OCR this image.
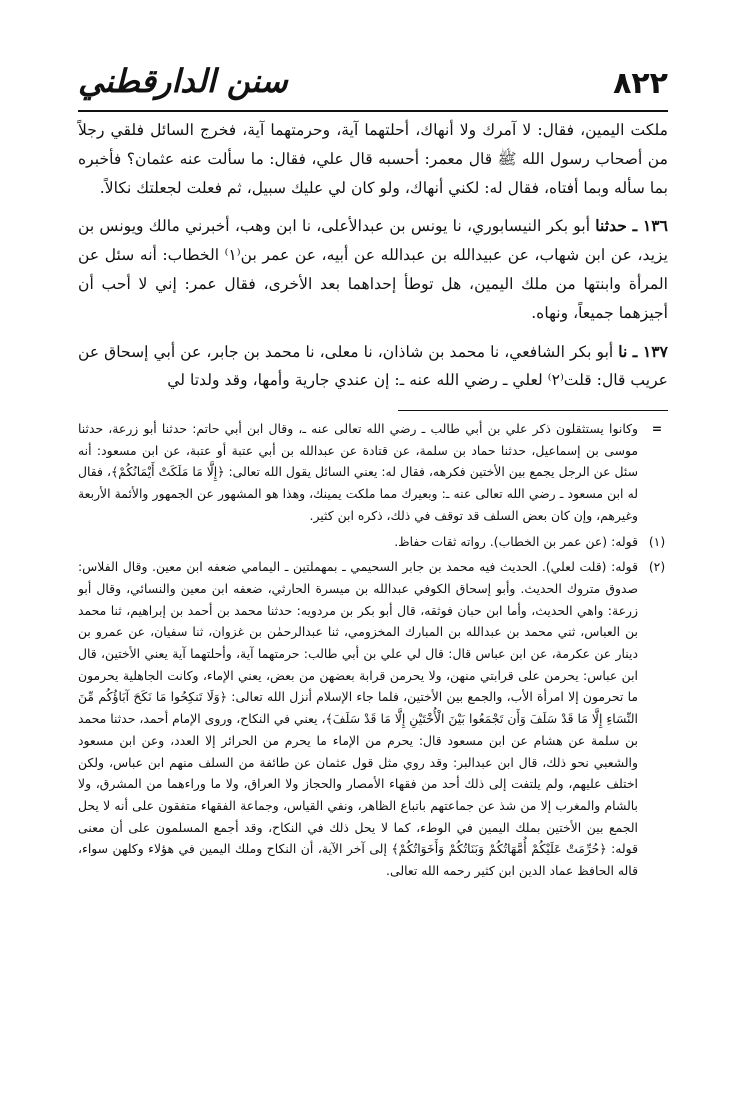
٨٢٢
سنن الدارقطني

ملكت اليمين، فقال: لا آمرك ولا أنهاك، أحلتهما آية، وحرمتهما آية، فخرج السائل فلقي رجلاً من أصحاب رسول الله ﷺ قال معمر: أحسبه قال علي، فقال: ما سألت عنه عثمان؟ فأخبره بما سأله وبما أفتاه، فقال له: لكني أنهاك، ولو كان لي عليك سبيل، ثم فعلت لجعلتك نكالاً.

١٣٦ ـ حدثنا أبو بكر النيسابوري، نا يونس بن عبدالأعلى، نا ابن وهب، أخبرني مالك ويونس بن يزيد، عن ابن شهاب، عن عبيدالله بن عبدالله عن أبيه، عن عمر بن⁽١⁾ الخطاب: أنه سئل عن المرأة وابنتها من ملك اليمين، هل توطأ إحداهما بعد الأخرى، فقال عمر: إني لا أحب أن أجيزهما جميعاً، ونهاه.

١٣٧ ـ نا أبو بكر الشافعي، نا محمد بن شاذان، نا معلى، نا محمد بن جابر، عن أبي إسحاق عن عريب قال: قلت⁽٢⁾ لعلي ـ رضي الله عنه ـ: إن عندي جارية وأمها، وقد ولدتا لي

=
وكانوا يستثقلون ذكر علي بن أبي طالب ـ رضي الله تعالى عنه ـ، وقال ابن أبي حاتم: حدثنا أبو زرعة، حدثنا موسى بن إسماعيل، حدثنا حماد بن سلمة، عن قتادة عن عبدالله بن أبي عتبة أو عتبة، عن ابن مسعود: أنه سئل عن الرجل يجمع بين الأختين فكرهه، فقال له: يعني السائل يقول الله تعالى: ﴿إِلَّا مَا مَلَكَتْ أَيْمَانُكُمْ﴾، فقال له ابن مسعود ـ رضي الله تعالى عنه ـ: وبعيرك مما ملكت يمينك، وهذا هو المشهور عن الجمهور والأئمة الأربعة وغيرهم، وإن كان بعض السلف قد توقف في ذلك، ذكره ابن كثير.
(١)
قوله: (عن عمر بن الخطاب). رواته ثقات حفاظ.
(٢)
قوله: (قلت لعلي). الحديث فيه محمد بن جابر السحيمي ـ بمهملتين ـ اليمامي ضعفه ابن معين. وقال الفلاس: صدوق متروك الحديث. وأبو إسحاق الكوفي عبدالله بن ميسرة الحارثي، ضعفه ابن معين والنسائي، وقال أبو زرعة: واهي الحديث، وأما ابن حبان فوثقه، قال أبو بكر بن مردويه: حدثنا محمد بن أحمد بن إبراهيم، ثنا محمد بن العباس، ثني محمد بن عبدالله بن المبارك المخزومي، ثنا عبدالرحمٰن بن غزوان، ثنا سفيان، عن عمرو بن دينار عن عكرمة، عن ابن عباس قال: قال لي علي بن أبي طالب: حرمتهما آية، وأحلتهما آية يعني الأختين، قال ابن عباس: يحرمن على قرابتي منهن، ولا يحرمن قرابة بعضهن من بعض، يعني الإماء، وكانت الجاهلية يحرمون ما تحرمون إلا امرأة الأب، والجمع بين الأختين، فلما جاء الإسلام أنزل الله تعالى: ﴿وَلَا تَنكِحُوا مَا نَكَحَ آبَاؤُكُم مِّنَ النِّسَاءِ إِلَّا مَا قَدْ سَلَفَ وَأَن تَجْمَعُوا بَيْنَ الْأُخْتَيْنِ إِلَّا مَا قَدْ سَلَفَ﴾، يعني في النكاح، وروى الإمام أحمد، حدثنا محمد بن سلمة عن هشام عن ابن مسعود قال: يحرم من الإماء ما يحرم من الحرائر إلا العدد، وعن ابن مسعود والشعبي نحو ذلك، قال ابن عبدالبر: وقد روي مثل قول عثمان عن طائفة من السلف منهم ابن عباس، ولكن اختلف عليهم، ولم يلتفت إلى ذلك أحد من فقهاء الأمصار والحجاز ولا العراق، ولا ما وراءهما من المشرق، ولا بالشام والمغرب إلا من شذ عن جماعتهم باتباع الظاهر، ونفي القياس، وجماعة الفقهاء متفقون على أنه لا يحل الجمع بين الأختين بملك اليمين في الوطء، كما لا يحل ذلك في النكاح، وقد أجمع المسلمون على أن معنى قوله: ﴿حُرِّمَتْ عَلَيْكُمْ أُمَّهَاتُكُمْ وَبَنَاتُكُمْ وَأَخَوَاتُكُمْ﴾ إلى آخر الآية، أن النكاح وملك اليمين في هؤلاء وكلهن سواء، قاله الحافظ عماد الدين ابن كثير رحمه الله تعالى.
